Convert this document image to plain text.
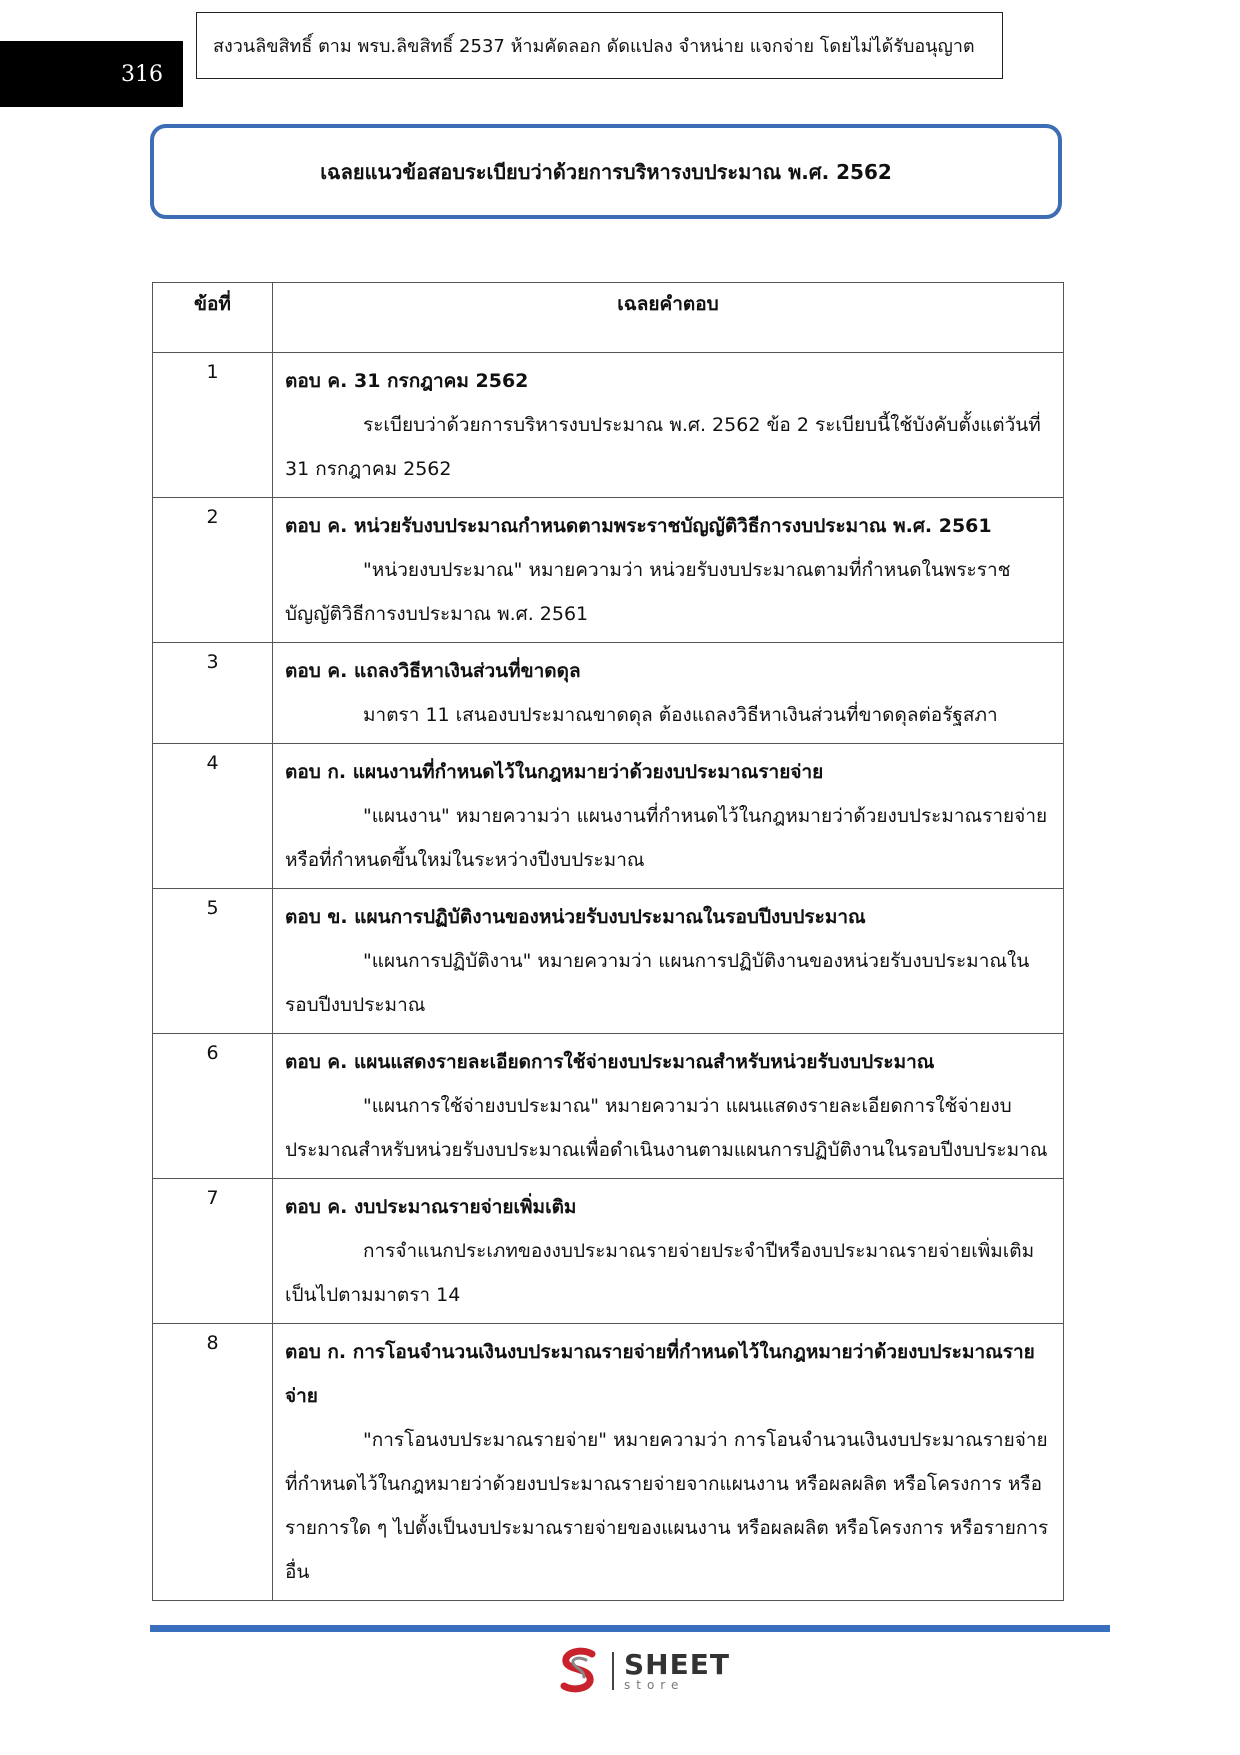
316
สงวนลิขสิทธิ์ ตาม พรบ.ลิขสิทธิ์ 2537 ห้ามคัดลอก ดัดแปลง จำหน่าย แจกจ่าย โดยไม่ได้รับอนุญาต
เฉลยแนวข้อสอบระเบียบว่าด้วยการบริหารงบประมาณ พ.ศ. 2562
ข้อที่	เฉลยคำตอบ
1	ตอบ ค. 31 กรกฎาคม 2562
ระเบียบว่าด้วยการบริหารงบประมาณ พ.ศ. 2562 ข้อ 2 ระเบียบนี้ใช้บังคับตั้งแต่วันที่ 31 กรกฎาคม 2562

2	ตอบ ค. หน่วยรับงบประมาณกำหนดตามพระราชบัญญัติวิธีการงบประมาณ พ.ศ. 2561
"หน่วยงบประมาณ" หมายความว่า หน่วยรับงบประมาณตามที่กำหนดในพระราชบัญญัติวิธีการงบประมาณ พ.ศ. 2561

3	ตอบ ค. แถลงวิธีหาเงินส่วนที่ขาดดุล
มาตรา 11 เสนองบประมาณขาดดุล ต้องแถลงวิธีหาเงินส่วนที่ขาดดุลต่อรัฐสภา

4	ตอบ ก. แผนงานที่กำหนดไว้ในกฎหมายว่าด้วยงบประมาณรายจ่าย
"แผนงาน" หมายความว่า แผนงานที่กำหนดไว้ในกฎหมายว่าด้วยงบประมาณรายจ่ายหรือที่กำหนดขึ้นใหม่ในระหว่างปีงบประมาณ

5	ตอบ ข. แผนการปฏิบัติงานของหน่วยรับงบประมาณในรอบปีงบประมาณ
"แผนการปฏิบัติงาน" หมายความว่า แผนการปฏิบัติงานของหน่วยรับงบประมาณในรอบปีงบประมาณ

6	ตอบ ค. แผนแสดงรายละเอียดการใช้จ่ายงบประมาณสำหรับหน่วยรับงบประมาณ
"แผนการใช้จ่ายงบประมาณ" หมายความว่า แผนแสดงรายละเอียดการใช้จ่ายงบประมาณสำหรับหน่วยรับงบประมาณเพื่อดำเนินงานตามแผนการปฏิบัติงานในรอบปีงบประมาณ

7	ตอบ ค. งบประมาณรายจ่ายเพิ่มเติม
การจำแนกประเภทของงบประมาณรายจ่ายประจำปีหรืองบประมาณรายจ่ายเพิ่มเติม เป็นไปตามมาตรา 14

8	ตอบ ก. การโอนจำนวนเงินงบประมาณรายจ่ายที่กำหนดไว้ในกฎหมายว่าด้วยงบประมาณรายจ่าย
"การโอนงบประมาณรายจ่าย" หมายความว่า การโอนจำนวนเงินงบประมาณรายจ่ายที่กำหนดไว้ในกฎหมายว่าด้วยงบประมาณรายจ่ายจากแผนงาน หรือผลผลิต หรือโครงการ หรือรายการใด ๆ ไปตั้งเป็นงบประมาณรายจ่ายของแผนงาน หรือผลผลิต หรือโครงการ หรือรายการอื่น
SHEET
store
